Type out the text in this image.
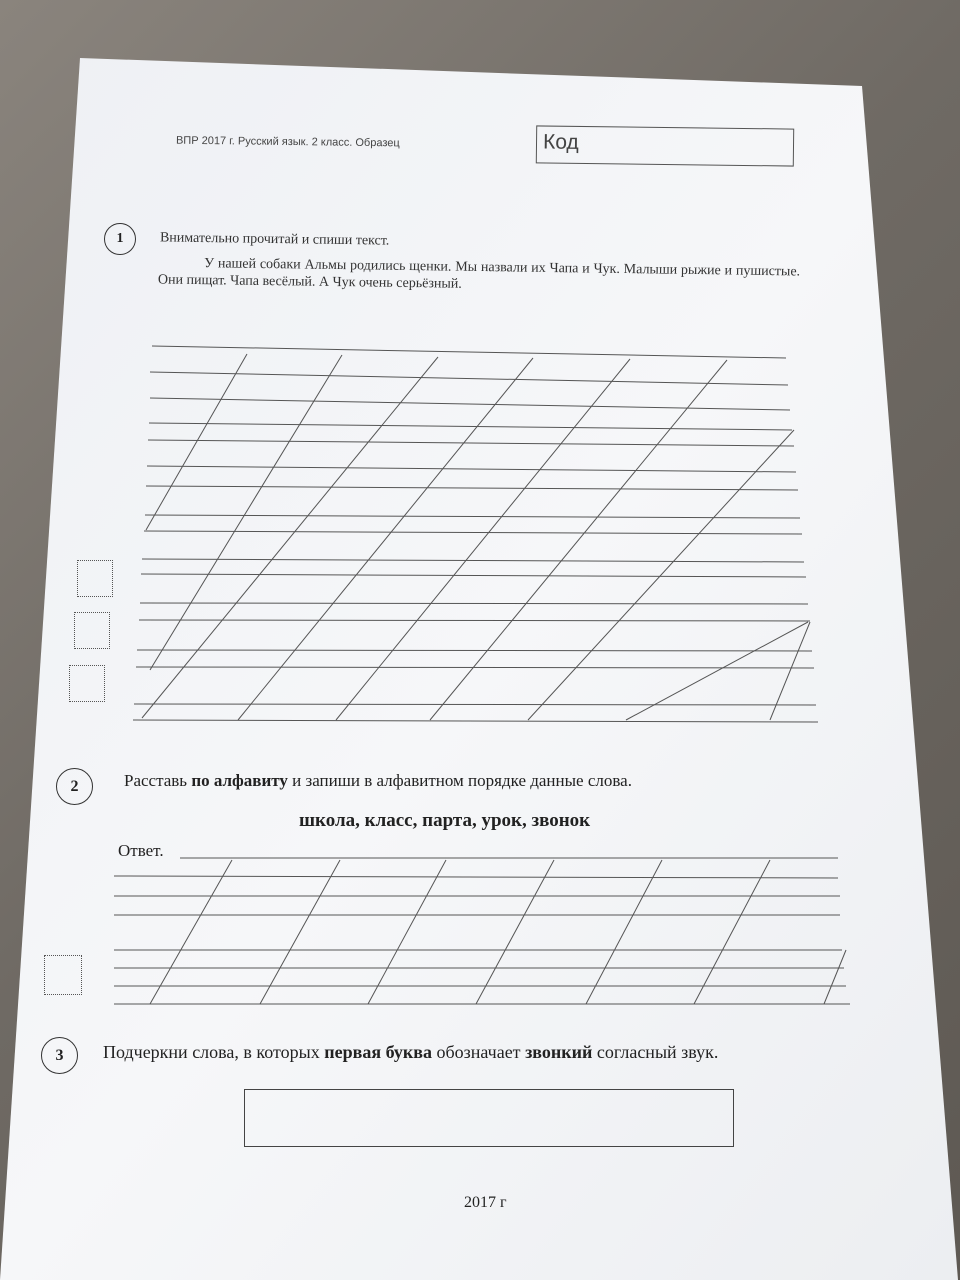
ВПР 2017 г. Русский язык. 2 класс. Образец	Код
1	Внимательно прочитай и спиши текст.
У нашей собаки Альмы родились щенки. Мы назвали их Чапа и Чук. Малыши рыжие и пушистые. Они пищат. Чапа весёлый. А Чук очень серьёзный.
2	Расставь по алфавиту и запиши в алфавитном порядке данные слова.
школа, класс, парта, урок, звонок
Ответ.
3	Подчеркни слова, в которых первая буква обозначает звонкий согласный звук.
2017 г
